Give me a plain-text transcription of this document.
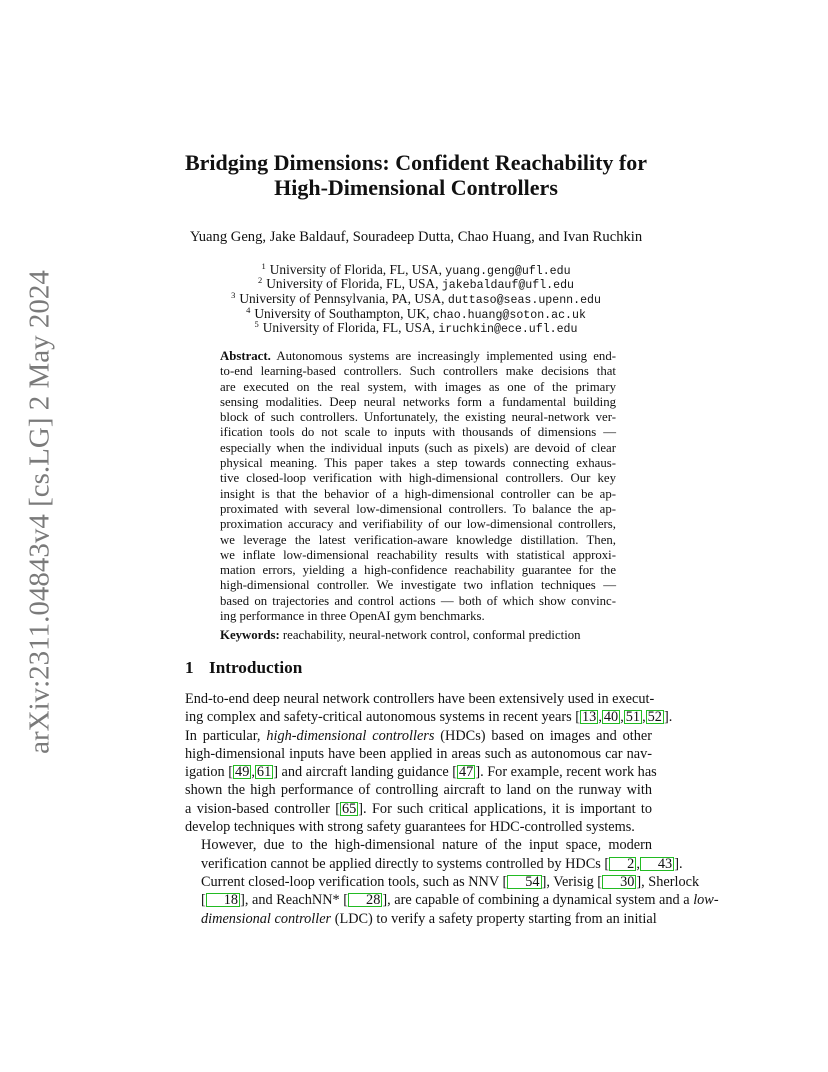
arXiv:2311.04843v4 [cs.LG] 2 May 2024
Bridging Dimensions: Confident Reachability for
High-Dimensional Controllers
Yuang Geng, Jake Baldauf, Souradeep Dutta, Chao Huang, and Ivan Ruchkin
$^1$ University of Florida, FL, USA, yuang.geng@ufl.edu
$^2$ University of Florida, FL, USA, jakebaldauf@ufl.edu
$^3$ University of Pennsylvania, PA, USA, duttaso@seas.upenn.edu
$^4$ University of Southampton, UK, chao.huang@soton.ac.uk
$^5$ University of Florida, FL, USA, iruchkin@ece.ufl.edu
Abstract. Autonomous systems are increasingly implemented using end-
to-end learning-based controllers. Such controllers make decisions that
are executed on the real system, with images as one of the primary
sensing modalities. Deep neural networks form a fundamental building
block of such controllers. Unfortunately, the existing neural-network ver-
ification tools do not scale to inputs with thousands of dimensions —
especially when the individual inputs (such as pixels) are devoid of clear
physical meaning. This paper takes a step towards connecting exhaus-
tive closed-loop verification with high-dimensional controllers. Our key
insight is that the behavior of a high-dimensional controller can be ap-
proximated with several low-dimensional controllers. To balance the ap-
proximation accuracy and verifiability of our low-dimensional controllers,
we leverage the latest verification-aware knowledge distillation. Then,
we inflate low-dimensional reachability results with statistical approxi-
mation errors, yielding a high-confidence reachability guarantee for the
high-dimensional controller. We investigate two inflation techniques —
based on trajectories and control actions — both of which show convinc-
ing performance in three OpenAI gym benchmarks.
Keywords: reachability, neural-network control, conformal prediction
1 Introduction

End-to-end deep neural network controllers have been extensively used in execut-
ing complex and safety-critical autonomous systems in recent years [ 13 , 40 , 51 , 52 ].
In particular, high-dimensional controllers (HDCs) based on images and other
high-dimensional inputs have been applied in areas such as autonomous car nav-
igation [ 49 , 61 ] and aircraft landing guidance [ 47 ]. For example, recent work has
shown the high performance of controlling aircraft to land on the runway with
a vision-based controller [ 65 ]. For such critical applications, it is important to
develop techniques with strong safety guarantees for HDC-controlled systems.

However, due to the high-dimensional nature of the input space, modern
verification cannot be applied directly to systems controlled by HDCs [ 2 , 43 ].
Current closed-loop verification tools, such as NNV [ 54 ], Verisig [ 30 ], Sherlock
[ 18 ], and ReachNN* [ 28 ], are capable of combining a dynamical system and a low-
dimensional controller (LDC) to verify a safety property starting from an initial
